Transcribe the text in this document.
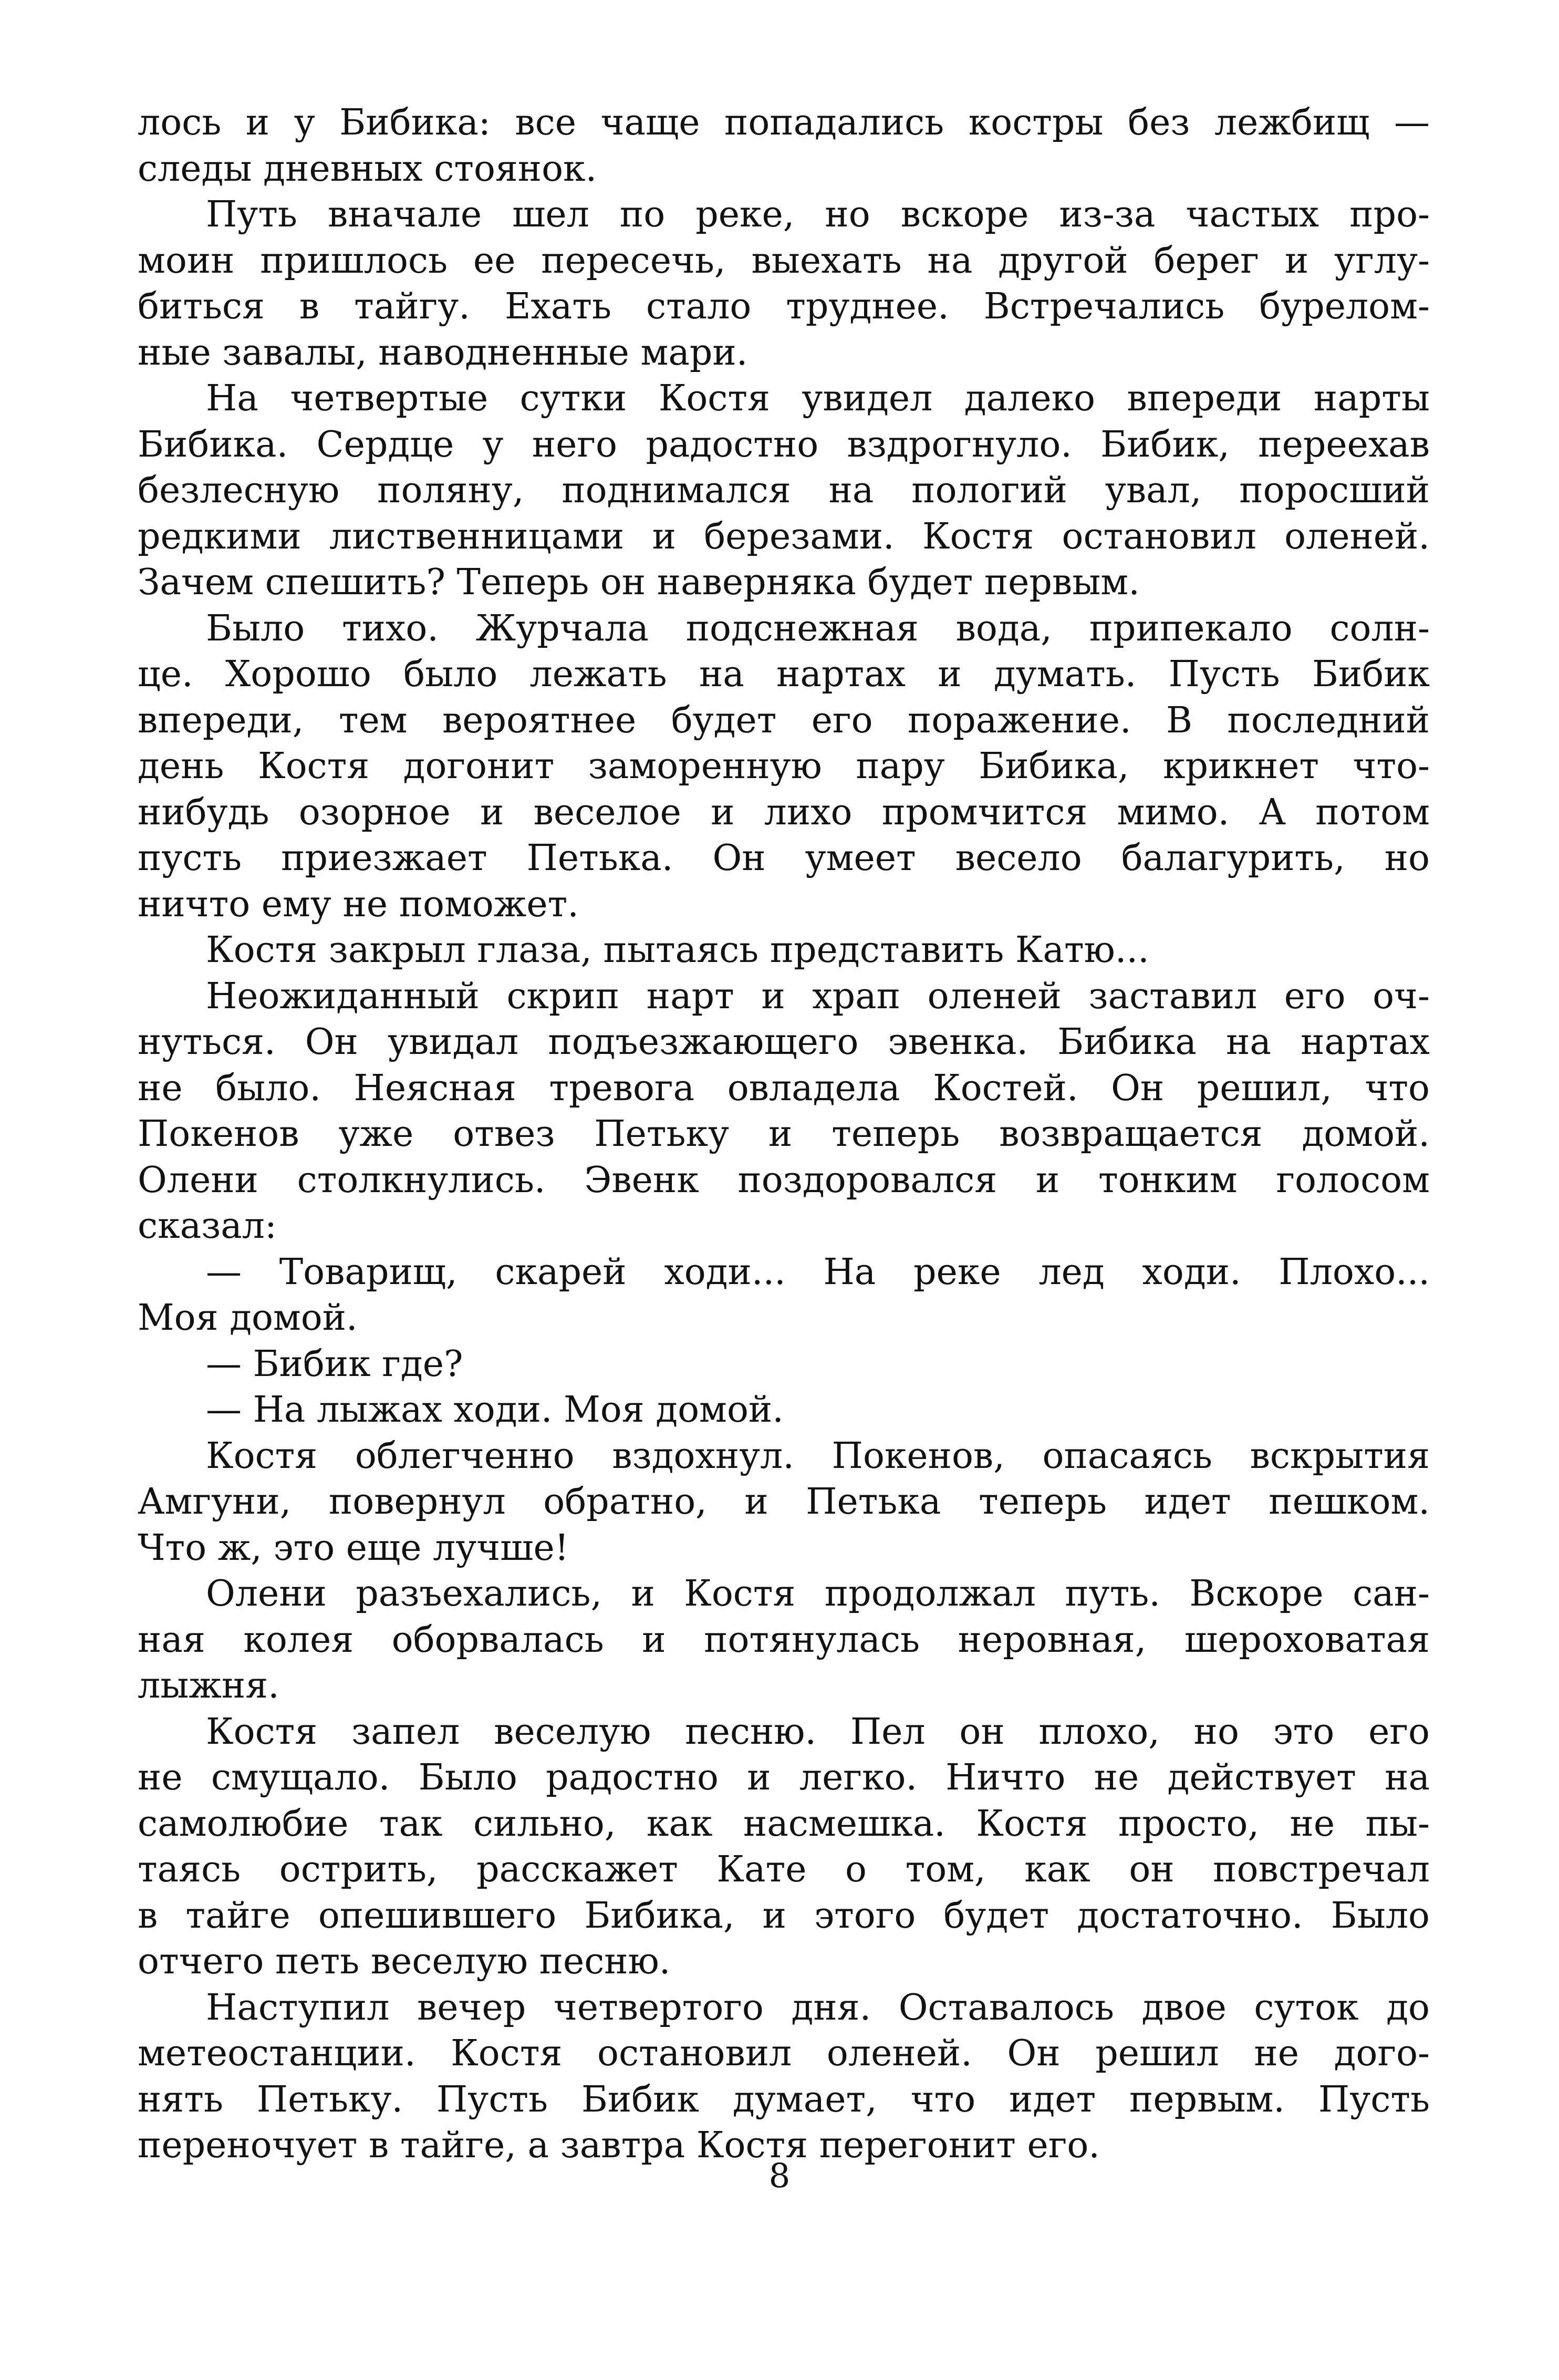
лось и у Бибика: все чаще попадались костры без лежбищ —
следы дневных стоянок.
Путь вначале шел по реке, но вскоре из-за частых про-
моин пришлось ее пересечь, выехать на другой берег и углу-
биться в тайгу. Ехать стало труднее. Встречались бурелом-
ные завалы, наводненные мари.
На четвертые сутки Костя увидел далеко впереди нарты
Бибика. Сердце у него радостно вздрогнуло. Бибик, переехав
безлесную поляну, поднимался на пологий увал, поросший
редкими лиственницами и березами. Костя остановил оленей.
Зачем спешить? Теперь он наверняка будет первым.
Было тихо. Журчала подснежная вода, припекало солн-
це. Хорошо было лежать на нартах и думать. Пусть Бибик
впереди, тем вероятнее будет его поражение. В последний
день Костя догонит заморенную пару Бибика, крикнет что-
нибудь озорное и веселое и лихо промчится мимо. А потом
пусть приезжает Петька. Он умеет весело балагурить, но
ничто ему не поможет.
Костя закрыл глаза, пытаясь представить Катю...
Неожиданный скрип нарт и храп оленей заставил его оч-
нуться. Он увидал подъезжающего эвенка. Бибика на нартах
не было. Неясная тревога овладела Костей. Он решил, что
Покенов уже отвез Петьку и теперь возвращается домой.
Олени столкнулись. Эвенк поздоровался и тонким голосом
сказал:
— Товарищ, скарей ходи... На реке лед ходи. Плохо...
Моя домой.
— Бибик где?
— На лыжах ходи. Моя домой.
Костя облегченно вздохнул. Покенов, опасаясь вскрытия
Амгуни, повернул обратно, и Петька теперь идет пешком.
Что ж, это еще лучше!
Олени разъехались, и Костя продолжал путь. Вскоре сан-
ная колея оборвалась и потянулась неровная, шероховатая
лыжня.
Костя запел веселую песню. Пел он плохо, но это его
не смущало. Было радостно и легко. Ничто не действует на
самолюбие так сильно, как насмешка. Костя просто, не пы-
таясь острить, расскажет Кате о том, как он повстречал
в тайге опешившего Бибика, и этого будет достаточно. Было
отчего петь веселую песню.
Наступил вечер четвертого дня. Оставалось двое суток до
метеостанции. Костя остановил оленей. Он решил не дого-
нять Петьку. Пусть Бибик думает, что идет первым. Пусть
переночует в тайге, а завтра Костя перегонит его.
8
